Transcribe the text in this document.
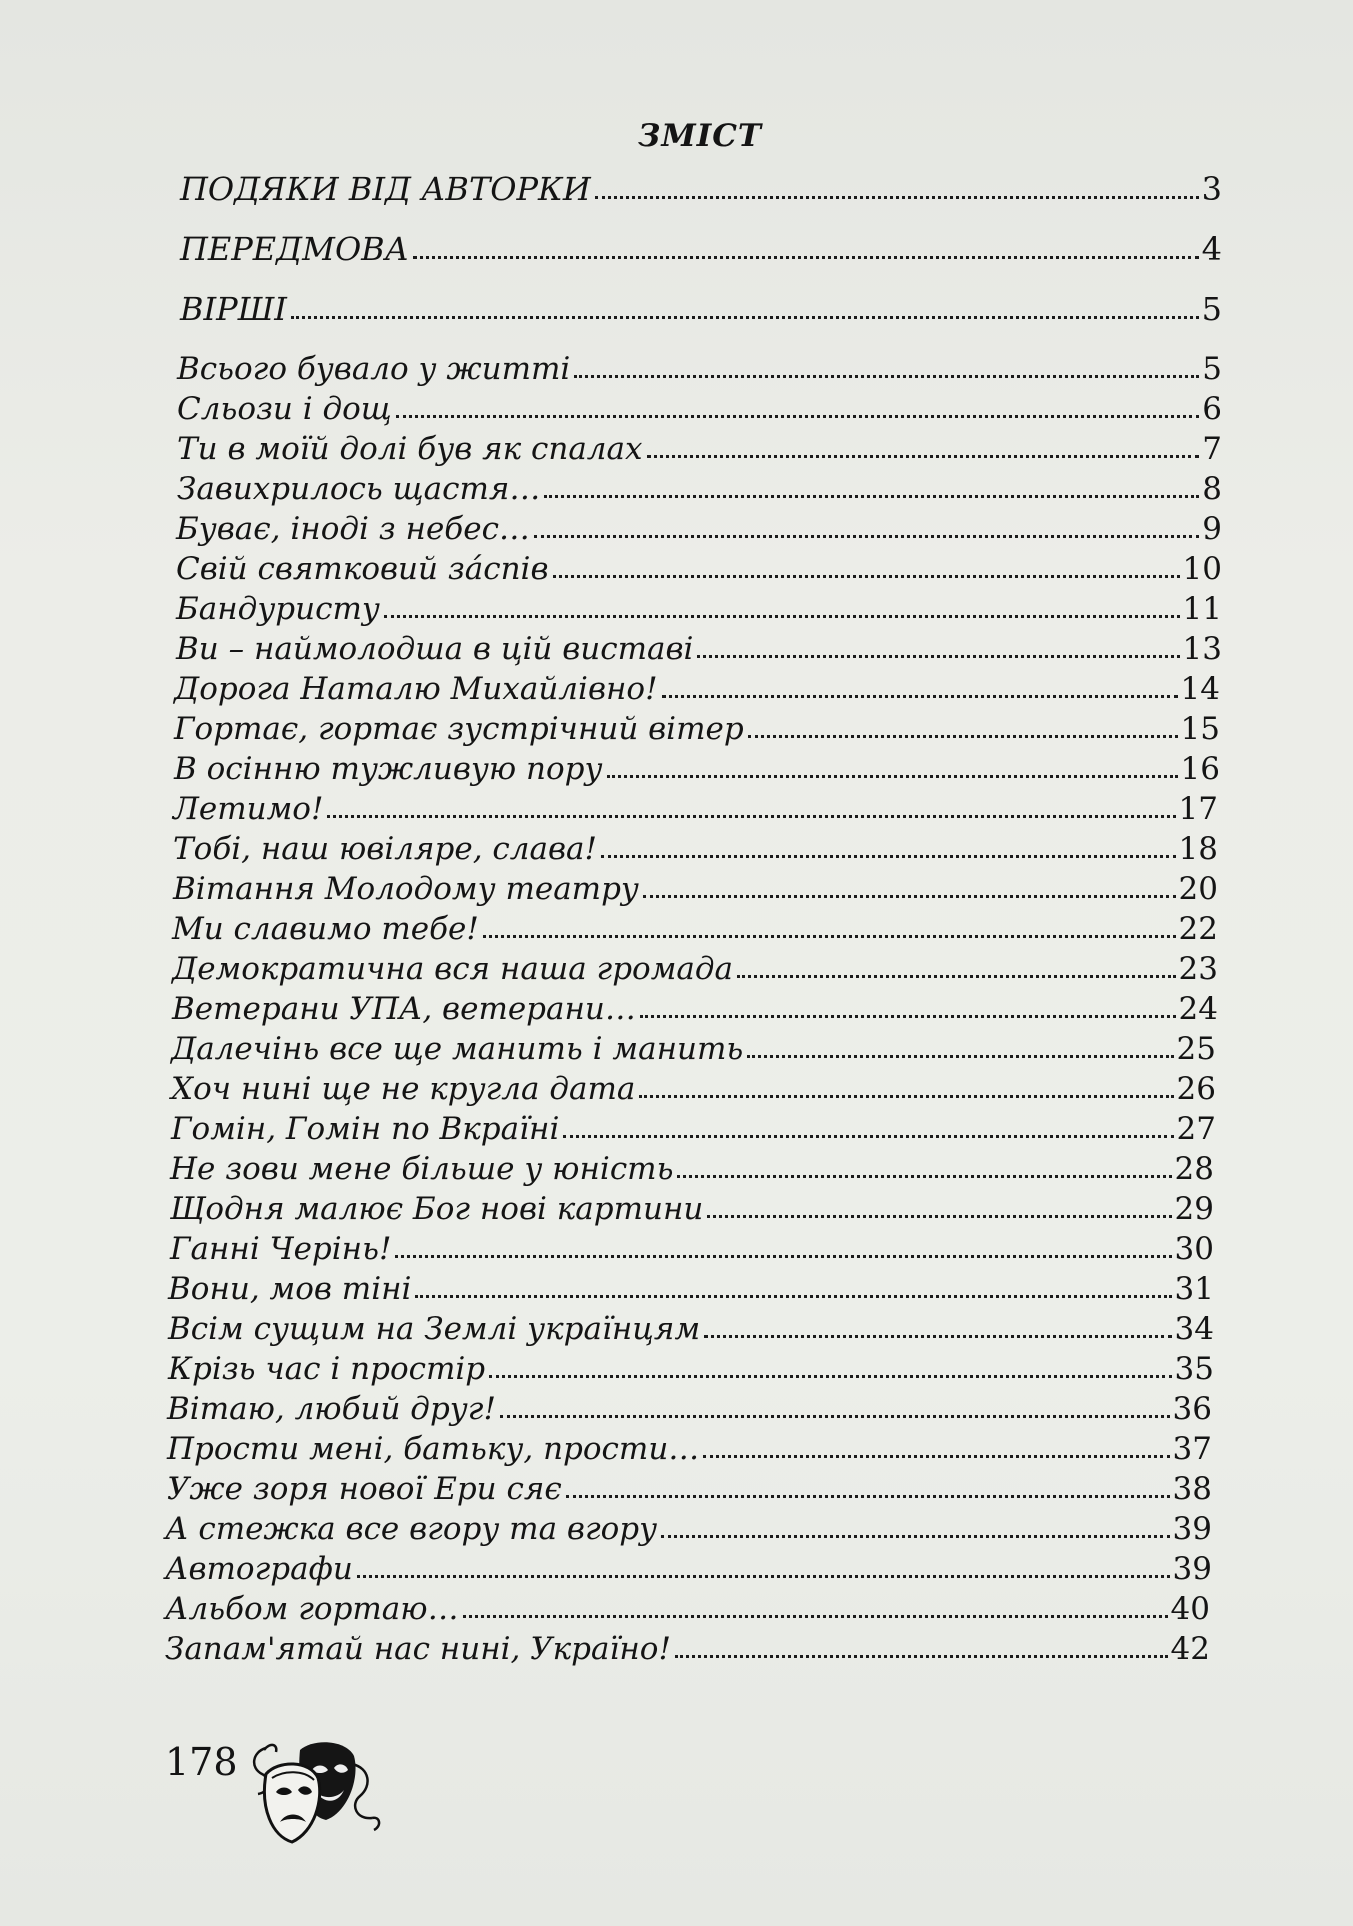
ЗМІСТ
ПОДЯКИ ВІД АВТОРКИ	3
ПЕРЕДМОВА	4
ВІРШІ	5
Всього бувало у житті	5
Сльози і дощ	6
Ти в моїй долі був як спалах	7
Завихрилось щастя…	8
Буває, іноді з небес…	9
Свій святковий зáспів	10
Бандуристу	11
Ви – наймолодша в цій виставі	13
Дорога Наталю Михайлівно!	14
Гортає, гортає зустрічний вітер	15
В осінню тужливую пору	16
Летимо!	17
Тобі, наш ювіляре, слава!	18
Вітання Молодому театру	20
Ми славимо тебе!	22
Демократична вся наша громада	23
Ветерани УПА, ветерани…	24
Далечінь все ще манить і манить	25
Хоч нині ще не кругла дата	26
Гомін, Гомін по Вкраїні	27
Не зови мене більше у юність	28
Щодня малює Бог нові картини	29
Ганні Черінь!	30
Вони, мов тіні	31
Всім сущим на Землі українцям	34
Крізь час і простір	35
Вітаю, любий друг!	36
Прости мені, батьку, прости…	37
Уже зоря нової Ери сяє	38
А стежка все вгору та вгору	39
Автографи	39
Альбом гортаю…	40
Запам'ятай нас нині, Україно!	42
178
